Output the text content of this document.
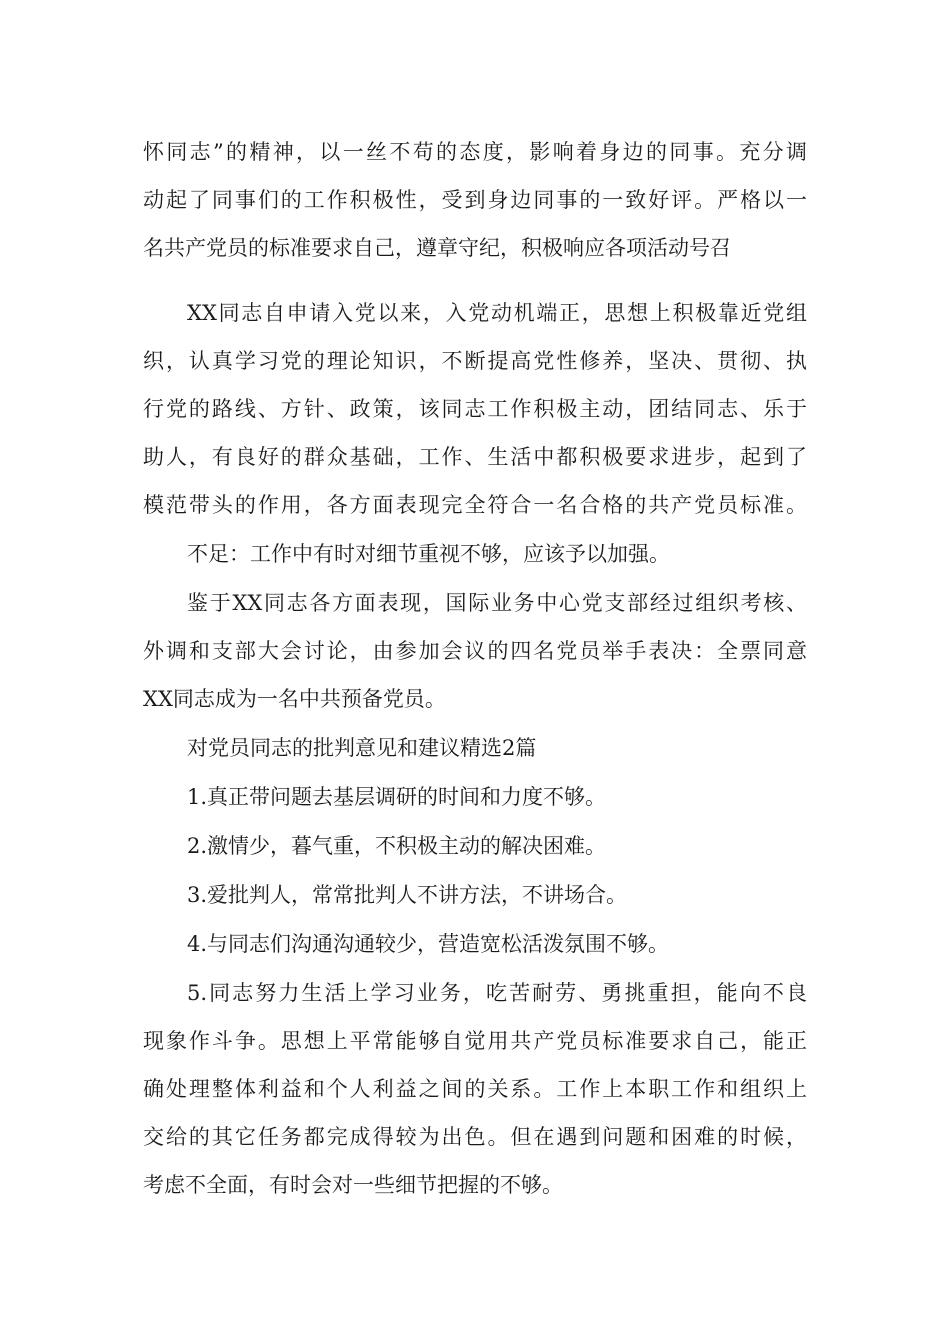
怀同志”的精神，以一丝不苟的态度，影响着身边的同事。充分调
动起了同事们的工作积极性，受到身边同事的一致好评。严格以一
名共产党员的标准要求自己，遵章守纪，积极响应各项活动号召
XX同志自申请入党以来，入党动机端正，思想上积极靠近党组
织，认真学习党的理论知识，不断提高党性修养，坚决、贯彻、执
行党的路线、方针、政策，该同志工作积极主动，团结同志、乐于
助人，有良好的群众基础，工作、生活中都积极要求进步，起到了
模范带头的作用，各方面表现完全符合一名合格的共产党员标准。
不足：工作中有时对细节重视不够，应该予以加强。
鉴于XX同志各方面表现，国际业务中心党支部经过组织考核、
外调和支部大会讨论，由参加会议的四名党员举手表决：全票同意
XX同志成为一名中共预备党员。
对党员同志的批判意见和建议精选2篇
1.真正带问题去基层调研的时间和力度不够。
2.激情少，暮气重，不积极主动的解决困难。
3.爱批判人，常常批判人不讲方法，不讲场合。
4.与同志们沟通沟通较少，营造宽松活泼氛围不够。
5.同志努力生活上学习业务，吃苦耐劳、勇挑重担，能向不良
现象作斗争。思想上平常能够自觉用共产党员标准要求自己，能正
确处理整体利益和个人利益之间的关系。工作上本职工作和组织上
交给的其它任务都完成得较为出色。但在遇到问题和困难的时候，
考虑不全面，有时会对一些细节把握的不够。
